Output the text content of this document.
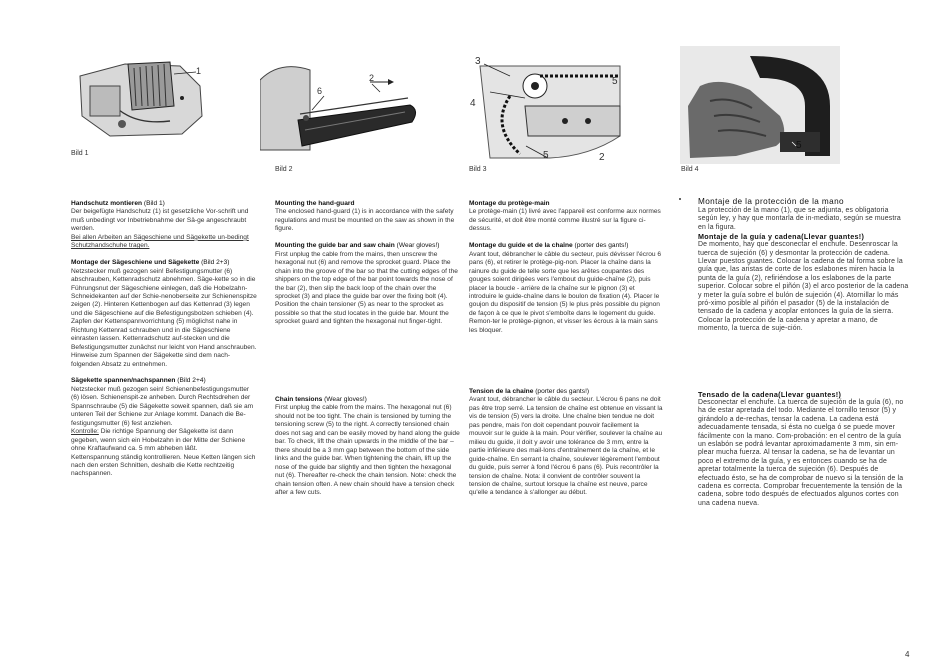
Bild 1
1
Bild 2
2
6
Bild 3
3
4
5
5	2
Bild 4
5
Handschutz montieren (Bild 1)

Der beigefügte Handschutz (1) ist gesetzliche Vor-schrift und muß unbedingt vor Inbetriebnahme der Sä-ge angeschraubt werden.

Bei allen Arbeiten an Sägeschiene und Sägekette un-bedingt Schutzhandschuhe tragen.

Montage der Sägeschiene und Sägekette (Bild 2+3)

Netzstecker muß gezogen sein! Befestigungsmutter (6) abschrauben, Kettenradschutz abnehmen. Säge-kette so in die Führungsnut der Sägeschiene einlegen, daß die Hobelzahn-Schneidekanten auf der Schie-nenoberseite zur Schienenspitze zeigen (2). Hinteren Kettenbogen auf das Kettenrad (3) legen und die Sägeschiene auf die Befestigungsbolzen schieben (4). Zapfen der Kettenspannvorrichtung (5) möglichst nahe in Richtung Kettenrad schrauben und in die Sägeschiene einrasten lassen. Kettenradschutz auf-stecken und die Befestigungsmutter zunächst nur leicht von Hand anschrauben.

Hinweise zum Spannen der Sägekette sind dem nach-folgenden Absatz zu entnehmen.

Sägekette spannen/nachspannen (Bild 2+4)

Netzstecker muß gezogen sein! Schienenbefestigungsmutter (6) lösen. Schienenspit-ze anheben. Durch Rechtsdrehen der Spannschraube (5) die Sägekette soweit spannen, daß sie am unteren Teil der Schiene zur Anlage kommt. Danach die Be-festigungsmutter (6) fest anziehen.

Kontrolle: Die richtige Spannung der Sägekette ist dann gegeben, wenn sich ein Hobelzahn in der Mitte der Schiene ohne Kraftaufwand ca. 5 mm abheben läßt.

Kettenspannung ständig kontrollieren. Neue Ketten längen sich nach den ersten Schnitten, deshalb die Kette rechtzeitig nachspannen.

Mounting the hand-guard

The enclosed hand-guard (1) is in accordance with the safety regulations and must be mounted on the saw as shown in the figure.

Mounting the guide bar and saw chain (Wear gloves!)

First unplug the cable from the mains, then unscrew the hexagonal nut (6) and remove the sprocket guard. Place the chain into the groove of the bar so that the cutting edges of the shippers on the top edge of the bar point towards the nose of the bar (2), then slip the back loop of the chain over the sprocket (3) and place the guide bar over the fixing bolt (4). Position the chain tensioner (5) as near to the sprocket as possible so that the stud locates in the guide bar. Mount the sprocket guard and tighten the hexagonal nut finger-tight.

Chain tensions (Wear gloves!)

First unplug the cable from the mains. The hexagonal nut (6) should not be too tight. The chain is tensioned by turning the tensioning screw (5) to the right. A correctly tensioned chain does not sag and can be easily moved by hand along the guide bar. To check, lift the chain upwards in the middle of the bar – there should be a 3 mm gap between the bottom of the side links and the guide bar. When tightening the chain, lift up the nose of the guide bar slightly and then tighten the hexagonal nut (6). Thereafter re-check the chain tension. Note: check the chain tension often. A new chain should have a tension check after a few cuts.

Montage du protège-main

Le protège-main (1) livré avec l'appareil est conforme aux normes de sécurité, et doit être monté comme illustré sur la figure ci-dessus.

Montage du guide et de la chaîne (porter des gants!)

Avant tout, débrancher le câble du secteur, puis dévisser l'écrou 6 pans (6), et retirer le protège-pig-non. Placer la chaîne dans la rainure du guide de telle sorte que les arêtes coupantes des gouges soient dirigées vers l'embout du guide-chaîne (2), puis placer la boucle - arrière de la chaîne sur le pignon (3) et introduire le guide-chaîne dans le boulon de fixation (4). Placer le goujon du dispositif de tension (5) le plus près possible du pignon de façon à ce que le pivot s'emboîte dans le logement du guide. Remon-ter le protège-pignon, et visser les écrous à la main sans les bloquer.

Tension de la chaîne (porter des gants!)

Avant tout, débrancher le câble du secteur. L'écrou 6 pans ne doit pas être trop serré. La tension de chaîne est obtenue en vissant la vis de tension (5) vers la droite. Une chaîne bien tendue ne doit pas pendre, mais l'on doit cependant pouvoir facilement la mouvoir sur le guide à la main. Pour vérifier, soulever la chaîne au milieu du guide, il doit y avoir une tolérance de 3 mm, entre la partie inférieure des mail-lons d'entraînement de la chaîne, et le guide-chaîne. En serrant la chaîne, soulever légèrement l'embout du guide, puis serrer à fond l'écrou 6 pans (6). Puis recontrôler la tension de chaîne. Nota: il convient de contrôler souvent la tension de chaîne, surtout lorsque la chaîne est neuve, parce qu'elle a tendance à s'allonger au début.

Montaje de la protección de la mano

La protección de la mano (1), que se adjunta, es obligatoria según ley, y hay que montarla de in-mediato, según se muestra en la figura.

Montaje de la guía y cadena(Llevar guantes!)

De momento, hay que desconectar el enchufe. Desenroscar la tuerca de sujeción (6) y desmontar la protección de cadena. Llevar puestos guantes. Colocar la cadena de tal forma sobre la guía que, las aristas de corte de los eslabones miren hacia la punta de la guía (2), refiriéndose a los eslabones de la parte superior. Colocar sobre el piñón (3) el arco posterior de la cadena y meter la guía sobre el bulón de sujeción (4). Atornillar lo más pró-ximo posible al piñón el pasador (5) de la instalación de tensado de la cadena y acoplar entonces la guía de la sierra. Colocar la protección de la cadena y apretar a mano, de momento, la tuerca de suje-ción.

Tensado de la cadena(Llevar guantes!)

Desconectar el enchufe. La tuerca de sujeción de la guía (6), no ha de estar apretada del todo. Mediante el tornillo tensor (5) y girándolo a de-rechas, tensar la cadena. La cadena está adecuadamente tensada, si ésta no cuelga ó se puede mover fácilmente con la mano. Com-probación: en el centro de la guía un eslabón se podrá levantar aproximadamente 3 mm, sin em-plear mucha fuerza. Al tensar la cadena, se ha de levantar un poco el extremo de la guía, y es entonces cuando se ha de apretar totalmente la tuerca de sujeción (6). Después de efectuado ésto, se ha de comprobar de nuevo si la tensión de la cadena es correcta. Comprobar frecuentemente la tensión de la cadena, sobre todo después de efectuados algunos cortes con una cadena nueva.

4
